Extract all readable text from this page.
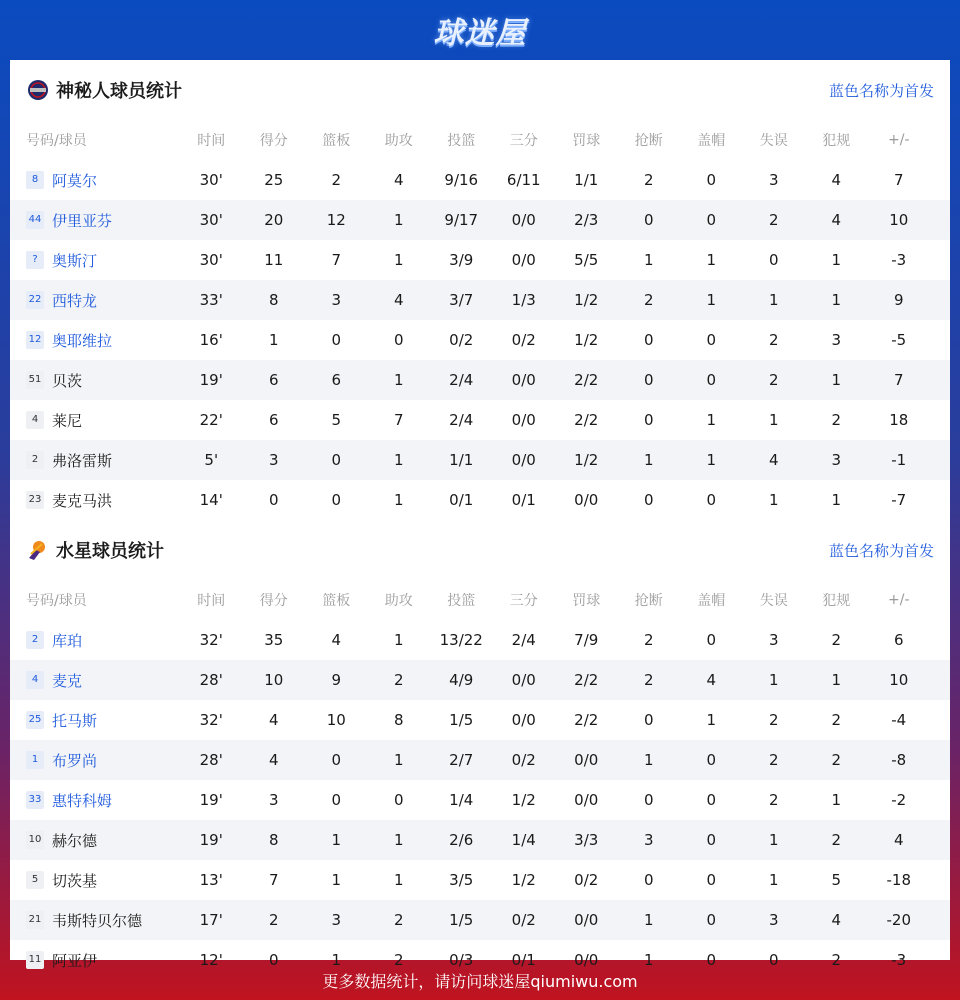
球迷屋
神秘人球员统计	蓝色名称为首发
号码/球员	时间	得分	篮板	助攻	投篮	三分	罚球	抢断	盖帽	失误	犯规	+/-
8 阿莫尔	30'	25	2	4	9/16	6/11	1/1	2	0	3	4	7
44 伊里亚芬	30'	20	12	1	9/17	0/0	2/3	0	0	2	4	10
? 奥斯汀	30'	11	7	1	3/9	0/0	5/5	1	1	0	1	-3
22 西特龙	33'	8	3	4	3/7	1/3	1/2	2	1	1	1	9
12 奥耶维拉	16'	1	0	0	0/2	0/2	1/2	0	0	2	3	-5
51 贝茨	19'	6	6	1	2/4	0/0	2/2	0	0	2	1	7
4 莱尼	22'	6	5	7	2/4	0/0	2/2	0	1	1	2	18
2 弗洛雷斯	5'	3	0	1	1/1	0/0	1/2	1	1	4	3	-1
23 麦克马洪	14'	0	0	1	0/1	0/1	0/0	0	0	1	1	-7
水星球员统计	蓝色名称为首发
号码/球员	时间	得分	篮板	助攻	投篮	三分	罚球	抢断	盖帽	失误	犯规	+/-
2 库珀	32'	35	4	1	13/22	2/4	7/9	2	0	3	2	6
4 麦克	28'	10	9	2	4/9	0/0	2/2	2	4	1	1	10
25 托马斯	32'	4	10	8	1/5	0/0	2/2	0	1	2	2	-4
1 布罗尚	28'	4	0	1	2/7	0/2	0/0	1	0	2	2	-8
33 惠特科姆	19'	3	0	0	1/4	1/2	0/0	0	0	2	1	-2
10 赫尔德	19'	8	1	1	2/6	1/4	3/3	3	0	1	2	4
5 切茨基	13'	7	1	1	3/5	1/2	0/2	0	0	1	5	-18
21 韦斯特贝尔德	17'	2	3	2	1/5	0/2	0/0	1	0	3	4	-20
11 阿亚伊	12'	0	1	2	0/3	0/1	0/0	1	0	0	2	-3
更多数据统计，请访问球迷屋qiumiwu.com
